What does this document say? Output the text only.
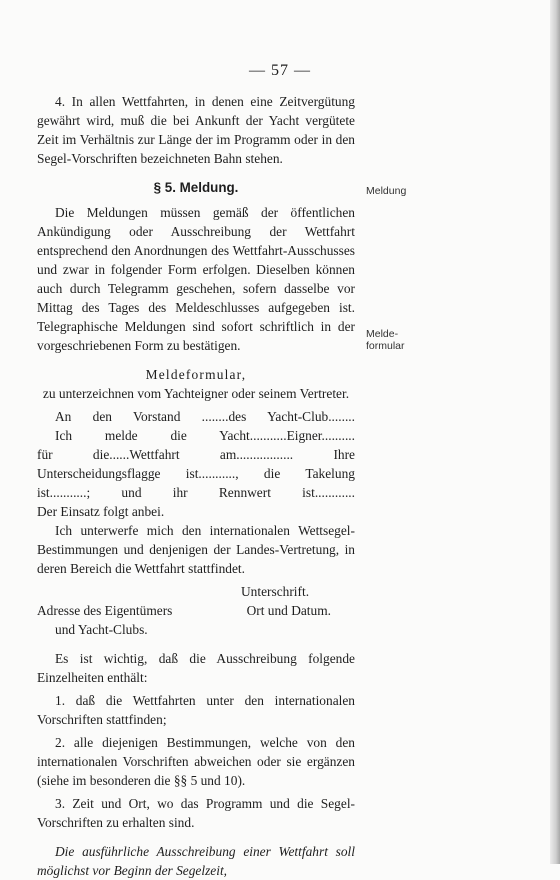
— 57 —
4. In allen Wettfahrten, in denen eine Zeitvergütung gewährt wird, muß die bei Ankunft der Yacht vergütete Zeit im Verhältnis zur Länge der im Programm oder in den Segel-Vorschriften bezeichneten Bahn stehen.
§ 5. Meldung.
Die Meldungen müssen gemäß der öffentlichen Ankündigung oder Ausschreibung der Wettfahrt entsprechend den Anordnungen des Wettfahrt-Ausschusses und zwar in folgender Form erfolgen. Dieselben können auch durch Telegramm geschehen, sofern dasselbe vor Mittag des Tages des Meldeschlusses aufgegeben ist. Telegraphische Meldungen sind sofort schriftlich in der vorgeschriebenen Form zu bestätigen.
Meldeformular,
zu unterzeichnen vom Yachteigner oder seinem Vertreter.
An den Vorstand ........des Yacht-Club........
Ich melde die Yacht...........Eigner..........
für die......Wettfahrt am................. Ihre
Unterscheidungsflagge ist..........., die Takelung
ist...........; und ihr Rennwert ist............
Der Einsatz folgt anbei.
Ich unterwerfe mich den internationalen Wettsegel-Bestimmungen und denjenigen der Landes-Vertretung, in deren Bereich die Wettfahrt stattfindet.
Unterschrift.
Adresse des Eigentümers	Ort und Datum.
und Yacht-Clubs.
Es ist wichtig, daß die Ausschreibung folgende Einzelheiten enthält:
1. daß die Wettfahrten unter den internationalen Vorschriften stattfinden;
2. alle diejenigen Bestimmungen, welche von den internationalen Vorschriften abweichen oder sie ergänzen (siehe im besonderen die §§ 5 und 10).
3. Zeit und Ort, wo das Programm und die Segel-Vorschriften zu erhalten sind.
Die ausführliche Ausschreibung einer Wettfahrt soll möglichst vor Beginn der Segelzeit,
Meldung
Melde-formular
